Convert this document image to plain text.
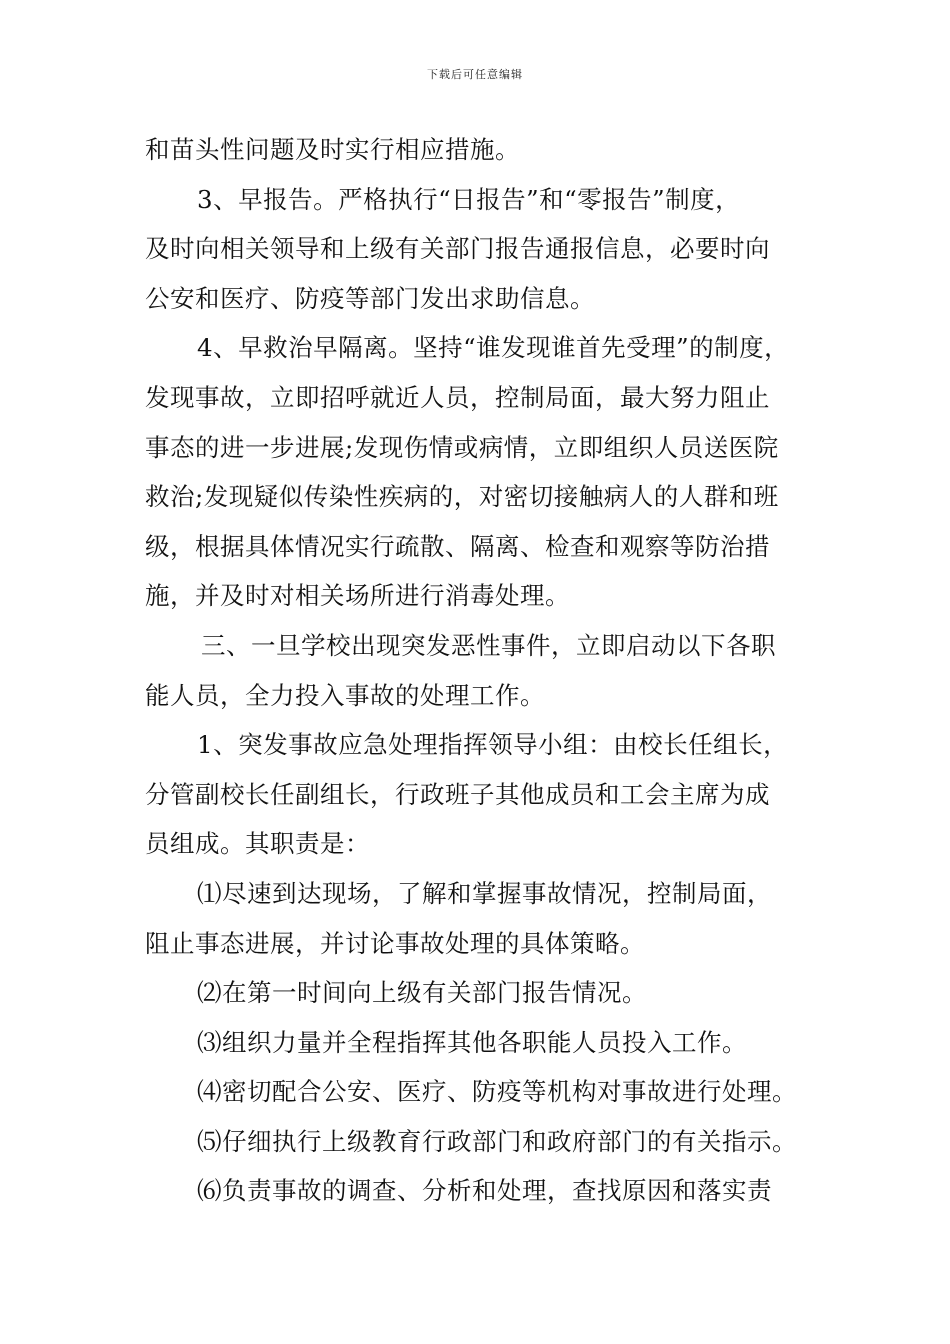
下载后可任意编辑
和苗头性问题及时实行相应措施。
3、早报告。严格执行“日报告”和“零报告”制度，
及时向相关领导和上级有关部门报告通报信息，必要时向
公安和医疗、防疫等部门发出求助信息。
4、早救治早隔离。坚持“谁发现谁首先受理”的制度，
发现事故，立即招呼就近人员，控制局面，最大努力阻止
事态的进一步进展;发现伤情或病情，立即组织人员送医院
救治;发现疑似传染性疾病的，对密切接触病人的人群和班
级，根据具体情况实行疏散、隔离、检查和观察等防治措
施，并及时对相关场所进行消毒处理。
三、一旦学校出现突发恶性事件，立即启动以下各职
能人员，全力投入事故的处理工作。
1、突发事故应急处理指挥领导小组：由校长任组长，
分管副校长任副组长，行政班子其他成员和工会主席为成
员组成。其职责是：
⑴尽速到达现场，了解和掌握事故情况，控制局面，
阻止事态进展，并讨论事故处理的具体策略。
⑵在第一时间向上级有关部门报告情况。
⑶组织力量并全程指挥其他各职能人员投入工作。
⑷密切配合公安、医疗、防疫等机构对事故进行处理。
⑸仔细执行上级教育行政部门和政府部门的有关指示。
⑹负责事故的调查、分析和处理，查找原因和落实责
